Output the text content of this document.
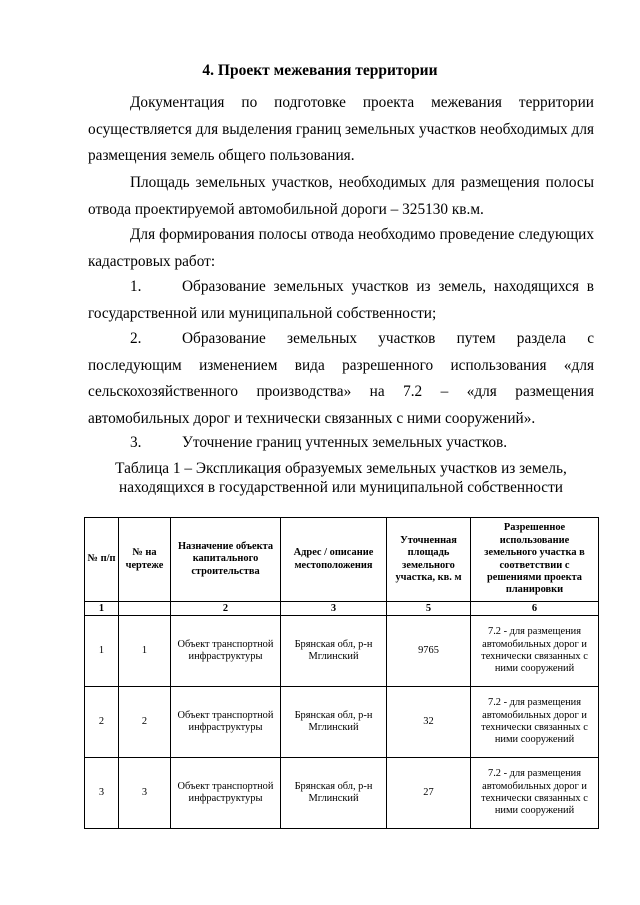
4. Проект межевания территории

Документация по подготовке проекта межевания территории осуществляется для выделения границ земельных участков необходимых для размещения земель общего пользования.

Площадь земельных участков, необходимых для размещения полосы отвода проектируемой автомобильной дороги – 325130 кв.м.

Для формирования полосы отвода необходимо проведение следующих кадастровых работ:

1.	Образование земельных участков из земель, находящихся в государственной или муниципальной собственности;

2.	Образование земельных участков путем раздела с последующим изменением вида разрешенного использования «для сельскохозяйственного производства» на 7.2 – «для размещения автомобильных дорог и технически связанных с ними сооружений».

3.	Уточнение границ учтенных земельных участков.

Таблица 1 – Экспликация образуемых земельных участков из земель,
находящихся в государственной или муниципальной собственности
№ п/п	№ на чертеже	Назначение объекта капитального строительства	Адрес / описание местоположения	Уточненная площадь земельного участка, кв. м	Разрешенное использование земельного участка в соответствии с решениями проекта планировки
1		2	3	5	6
1	1	Объект транспортной инфраструктуры	Брянская обл, р-н Мглинский	9765	7.2 - для размещения автомобильных дорог и технически связанных с ними сооружений
2	2	Объект транспортной инфраструктуры	Брянская обл, р-н Мглинский	32	7.2 - для размещения автомобильных дорог и технически связанных с ними сооружений
3	3	Объект транспортной инфраструктуры	Брянская обл, р-н Мглинский	27	7.2 - для размещения автомобильных дорог и технически связанных с ними сооружений
